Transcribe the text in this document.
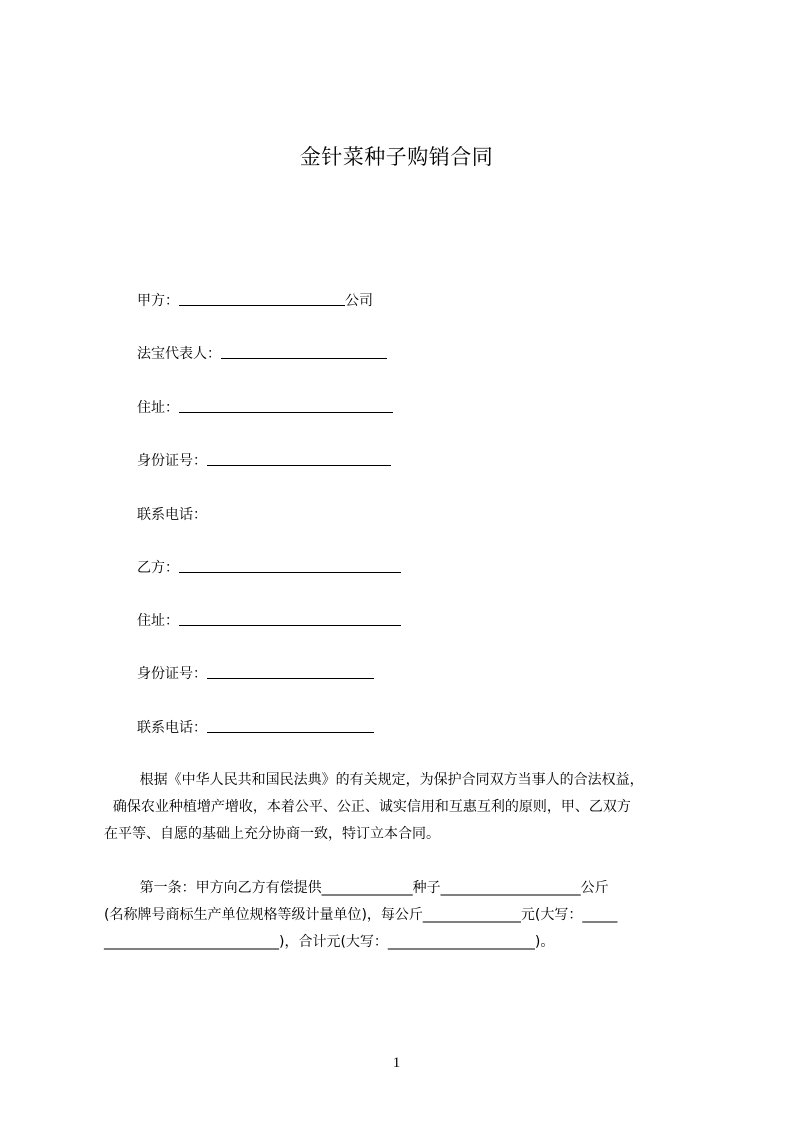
金针菜种子购销合同
甲方：	公司
法宝代表人：
住址：
身份证号：
联系电话：
乙方：
住址：
身份证号：
联系电话：
根据《中华人民共和国民法典》的有关规定，为保护合同双方当事人的合法权益，
确保农业种植增产增收，本着公平、公正、诚实信用和互惠互利的原则，甲、乙双方
在平等、自愿的基础上充分协商一致，特订立本合同。
第一条：甲方向乙方有偿提供_____________种子____________________公斤
(名称牌号商标生产单位规格等级计量单位)，每公斤______________元(大写：_____
_________________________)，合计元(大写：_____________________)。
1
